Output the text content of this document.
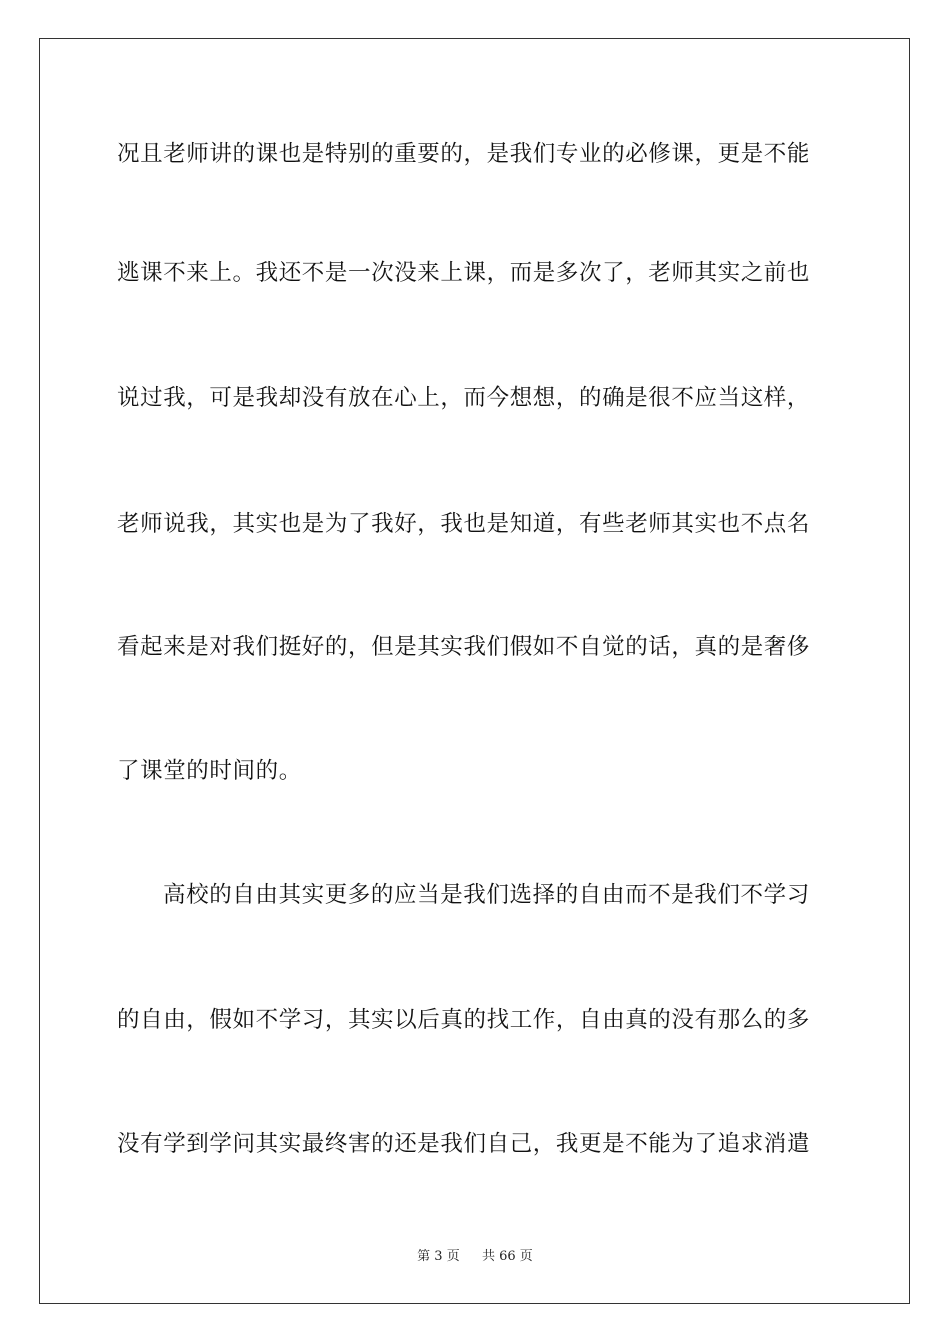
况且老师讲的课也是特别的重要的，是我们专业的必修课，更是不能
逃课不来上。我还不是一次没来上课，而是多次了，老师其实之前也
说过我，可是我却没有放在心上，而今想想，的确是很不应当这样，
老师说我，其实也是为了我好，我也是知道，有些老师其实也不点名
看起来是对我们挺好的，但是其实我们假如不自觉的话，真的是奢侈
了课堂的时间的。
高校的自由其实更多的应当是我们选择的自由而不是我们不学习
的自由，假如不学习，其实以后真的找工作，自由真的没有那么的多
没有学到学问其实最终害的还是我们自己，我更是不能为了追求消遣
第 3 页 共 66 页
